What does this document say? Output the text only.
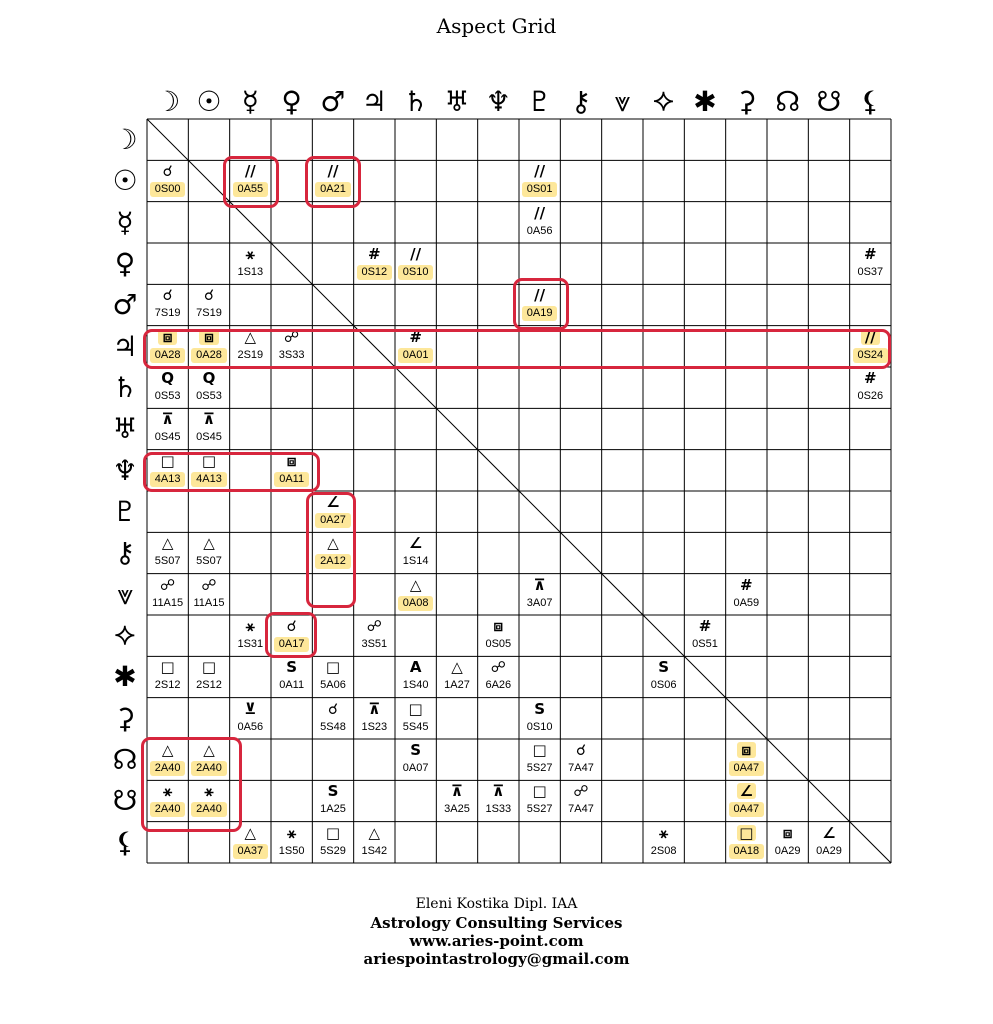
Aspect Grid
☽ ☉ ☿ ♀ ♂ ♃ ♄ ♅ ♆ ♇ ⚷ ⩔ ⯎ ✱ ⚳ ☊ ☋ ⚸
☽
☉
☿
♀
♂
♃
♄
♅
♆
♇
⚷
⩔
⯎
✱
⚳
☊
☋
⚸
☌
0S00
//
0A55
//
0A21
//
0S01
//
0A56
⚹
1S13
#
0S12
//
0S10
#
0S37
☌
7S19
☌
7S19
//
0A19
⧈
0A28
⧈
0A28
△
2S19
☍
3S33
#
0A01
//
0S24
Q
0S53
Q
0S53
#
0S26
⊼
0S45
⊼
0S45
□
4A13
□
4A13
⧈
0A11
∠
0A27
△
5S07
△
5S07
△
2A12
∠
1S14
☍
11A15
☍
11A15
△
0A08
⊼
3A07
#
0A59
⚹
1S31
☌
0A17
☍
3S51
⧈
0S05
#
0S51
□
2S12
□
2S12
S
0A11
□
5A06
A
1S40
△
1A27
☍
6A26
S
0S06
⊻
0A56
☌
5S48
⊼
1S23
□
5S45
S
0S10
△
2A40
△
2A40
S
0A07
□
5S27
☌
7A47
⧈
0A47
⚹
2A40
⚹
2A40
S
1A25
⊼
3A25
⊼
1S33
□
5S27
☍
7A47
∠
0A47
△
0A37
⚹
1S50
□
5S29
△
1S42
⚹
2S08
□
0A18
⧈
0A29
∠
0A29
Eleni Kostika Dipl. IAA
Astrology Consulting Services
www.aries-point.com
ariespointastrology@gmail.com
